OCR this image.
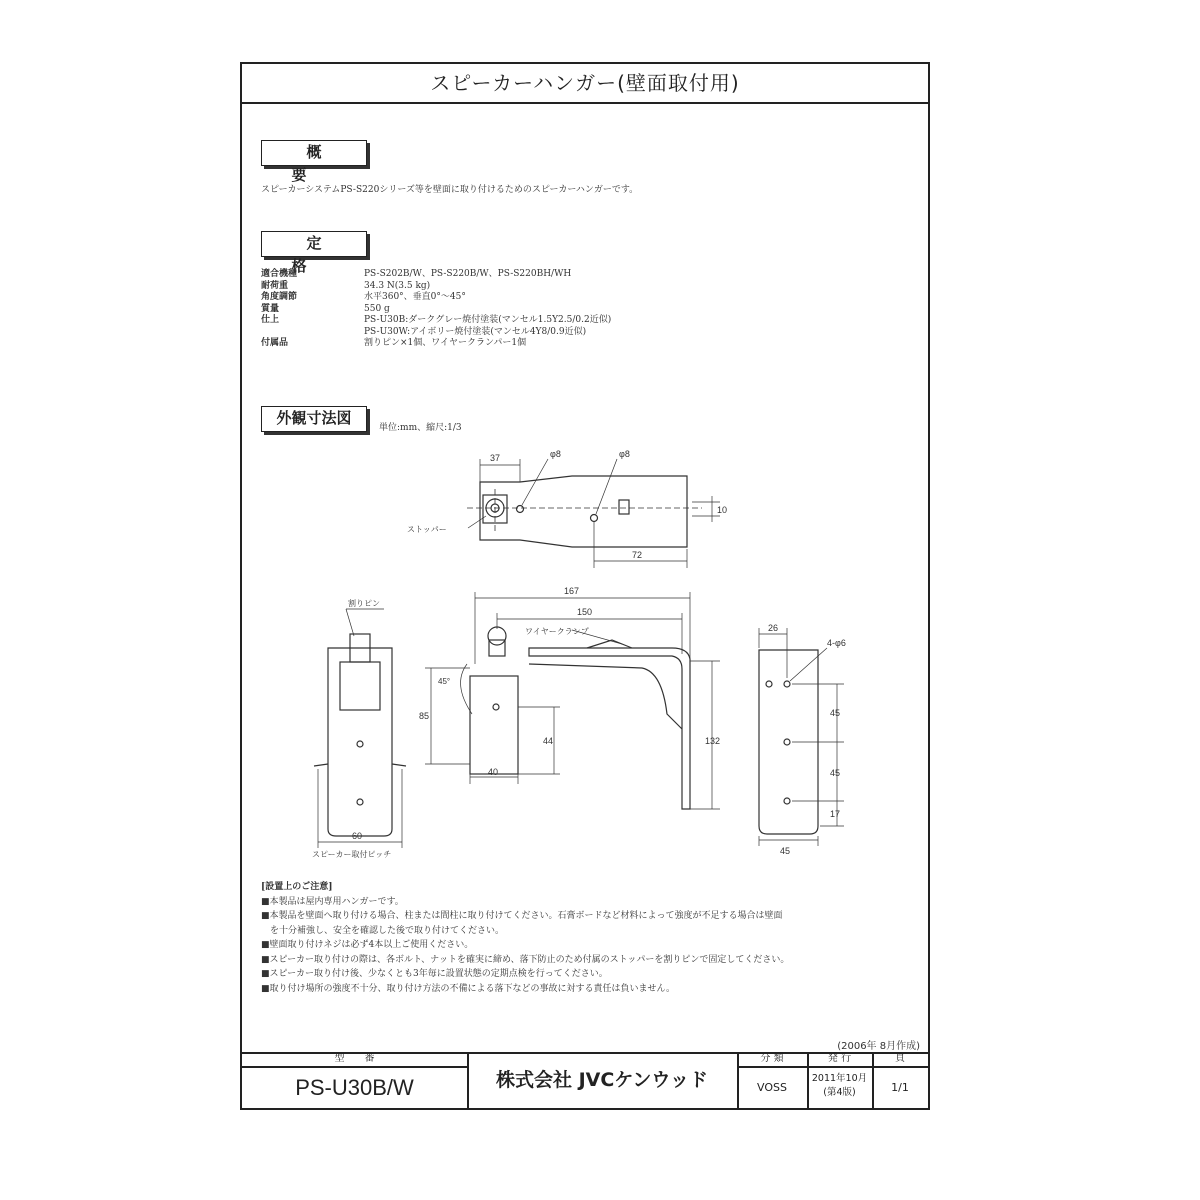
スピーカーハンガー(壁面取付用)
概要
スピーカーシステムPS-S220シリーズ等を壁面に取り付けるためのスピーカーハンガーです。
定格
適合機種	PS-S202B/W、PS-S220B/W、PS-S220BH/WH
耐荷重	34.3 N(3.5 kg)
角度調節	水平360°、垂直0°～45°
質量	550 g
仕上	PS-U30B:ダークグレー焼付塗装(マンセル1.5Y2.5/0.2近似)
PS-U30W:アイボリー焼付塗装(マンセル4Y8/0.9近似)
付属品	割りピン×1個、ワイヤークランパー1個
外観寸法図
単位:mm、縮尺:1/3
37	φ8	φ8
10
72
ストッパー
167
150
ワイヤークランプ
45°
85
44
40
132
割りピン
60
スピーカー取付ピッチ
26
4-φ6
45
45
17
45
[設置上のご注意]
■本製品は屋内専用ハンガーです。
■本製品を壁面へ取り付ける場合、柱または間柱に取り付けてください。石膏ボードなど材料によって強度が不足する場合は壁面
　を十分補強し、安全を確認した後で取り付けてください。
■壁面取り付けネジは必ず4本以上ご使用ください。
■スピーカー取り付けの際は、各ボルト、ナットを確実に締め、落下防止のため付属のストッパーを割りピンで固定してください。
■スピーカー取り付け後、少なくとも3年毎に設置状態の定期点検を行ってください。
■取り付け場所の強度不十分、取り付け方法の不備による落下などの事故に対する責任は負いません。
(2006年 8月作成)
型　　番
PS-U30B/W	株式会社 JVCケンウッド
分 類
VOSS
発 行
2011年10月
(第4版)
頁
1/1
